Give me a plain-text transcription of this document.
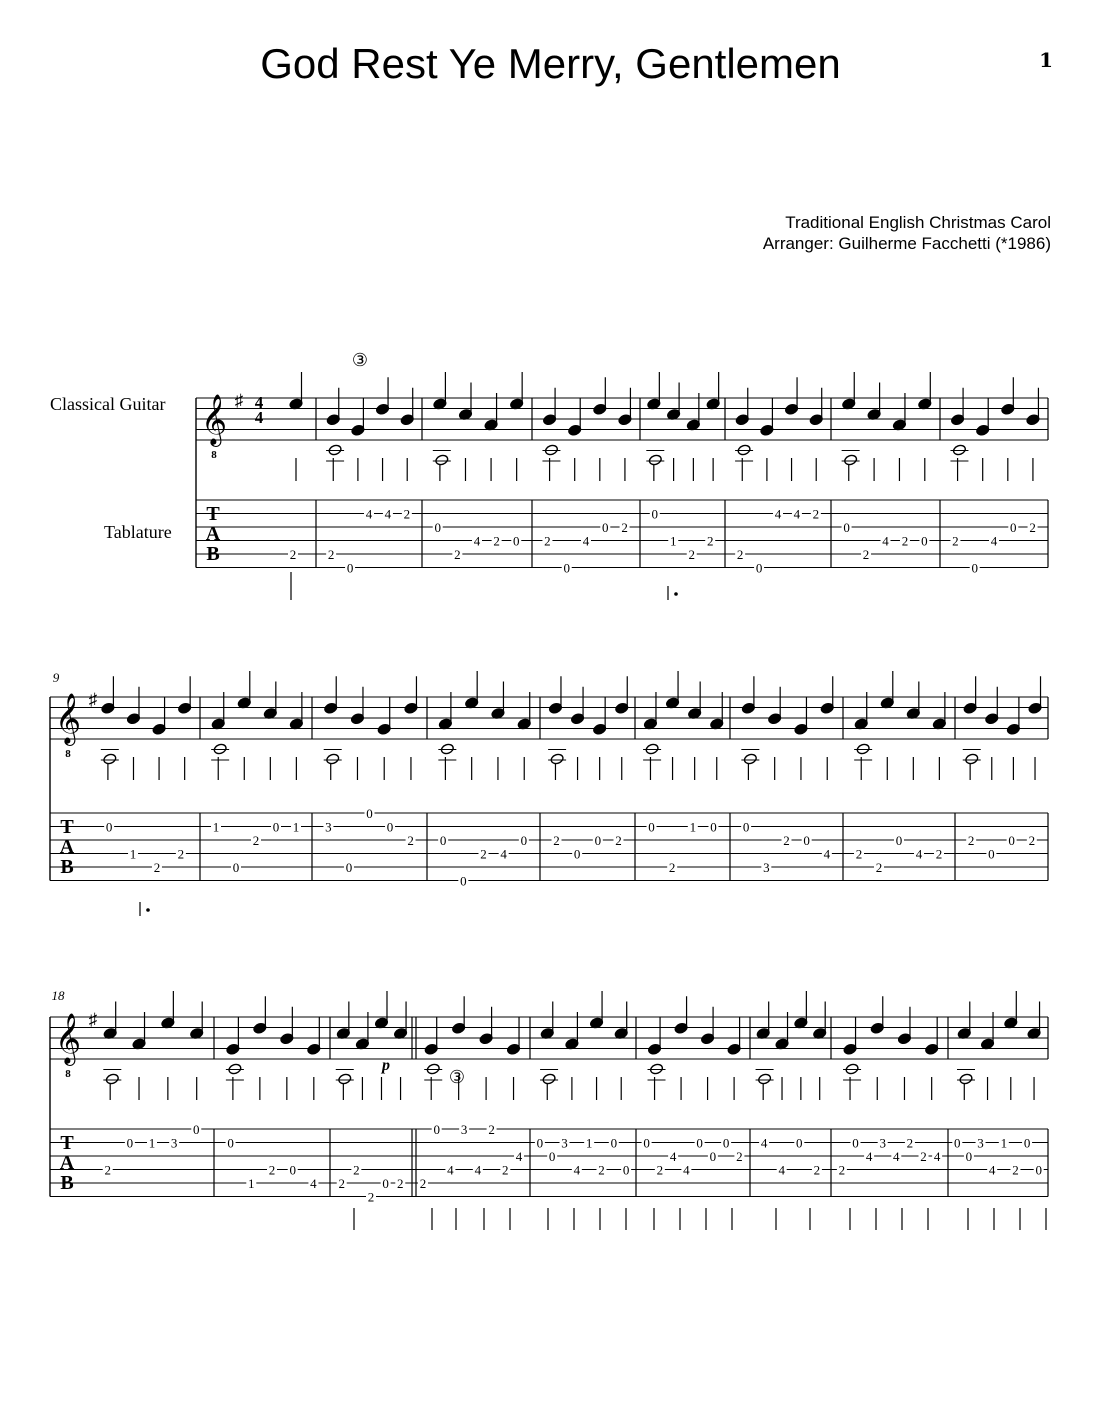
God Rest Ye Merry, Gentlemen	1
Traditional English Christmas Carol
Arranger: Guilherme Facchetti (*1986)
Classical Guitar
Tablature
𝄞
8
♯
T
A
B
𝄞
8
♯
T
A
B
𝄞
8
♯
T
A
B
4
4
9
18
③
③
p
2 2
0
4 4 2
0
2
4 2 0 2
0
4
0 2
0
1
2
2
2
0
4 4 2
0
2
4 2 0 2
0
4
0 2
0
1
2
2
1
0
2
0 1 3
0
0
0
2 0
0
2 4
0 2
0
0 2
0
2
1 0 0
3
2 0
4 2
2
0
4 2
2
0
0 2
2
0 1 3
0
0
1
2 0
4 2
2
2
0 2 2
0
4
3
4
2
2
4
0
0
3
4
1
2
0
0
0
2
4
4
0
0
0
2
4
4
0
2 2
0
4
3
4
2
2 4
0
0
3
4
1
2
0
0
